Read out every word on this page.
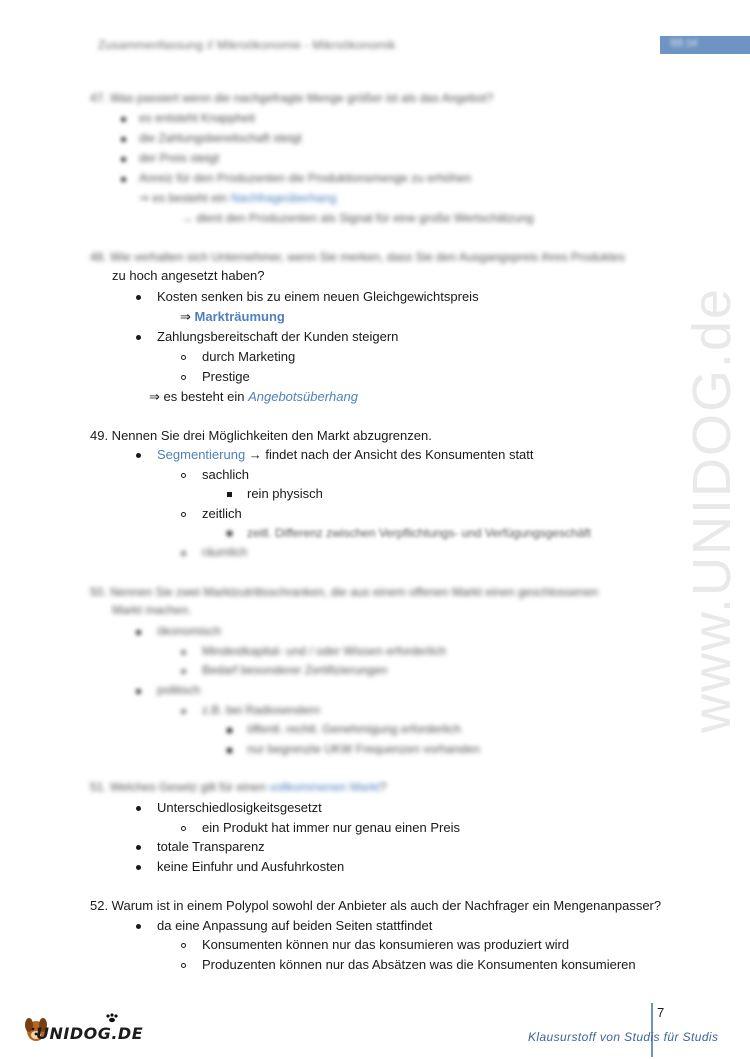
Zusammenfassung // Mikroökonomie - Mikroökonomik	SS 14
www.UNIDOG.de
47. Was passiert wenn die nachgefragte Menge größer ist als das Angebot?
es entsteht Knappheit
die Zahlungsbereitschaft steigt
der Preis steigt
Anreiz für den Produzenten die Produktionsmenge zu erhöhen
⇒ es besteht ein Nachfrageüberhang
→ dient den Produzenten als Signal für eine große Wertschätzung
48. Wie verhalten sich Unternehmer, wenn Sie merken, dass Sie den Ausgangspreis ihres Produktes
zu hoch angesetzt haben?
Kosten senken bis zu einem neuen Gleichgewichtspreis
⇒ Markträumung
Zahlungsbereitschaft der Kunden steigern
durch Marketing
Prestige
⇒ es besteht ein Angebotsüberhang
49. Nennen Sie drei Möglichkeiten den Markt abzugrenzen.
Segmentierung → findet nach der Ansicht des Konsumenten statt
sachlich
rein physisch
zeitlich
zeitl. Differenz zwischen Verpflichtungs- und Verfügungsgeschäft
räumlich
50. Nennen Sie zwei Marktzutrittsschranken, die aus einem offenen Markt einen geschlossenen
Markt machen.
ökonomisch
Mindestkapital- und / oder Wissen erforderlich
Bedarf besonderer Zertifizierungen
politisch
z.B. bei Radiosendern
öffentl. rechtl. Genehmigung erforderlich
nur begrenzte UKW Frequenzen vorhanden
51. Welches Gesetz gilt für einen vollkommenen Markt?
Unterschiedlosigkeitsgesetzt
ein Produkt hat immer nur genau einen Preis
totale Transparenz
keine Einfuhr und Ausfuhrkosten
52. Warum ist in einem Polypol sowohl der Anbieter als auch der Nachfrager ein Mengenanpasser?
da eine Anpassung auf beiden Seiten stattfindet
Konsumenten können nur das konsumieren was produziert wird
Produzenten können nur das Absätzen was die Konsumenten konsumieren
UNIDOG.DE
7
Klausurstoff von Studis für Studis
